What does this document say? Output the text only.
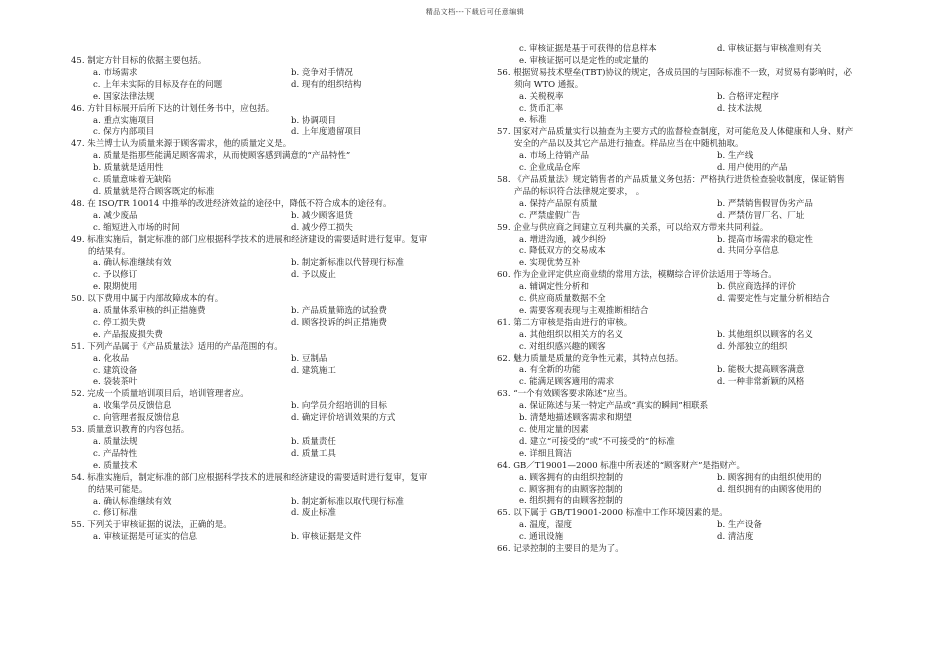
精品文档---下载后可任意编辑
45. 制定方针目标的依据主要包括。
a. 市场需求	b. 竞争对手情况
c. 上年未实际的目标及存在的问题	d. 现有的组织结构
e. 国家法律法规
46. 方针目标展开后所下达的计划任务书中，应包括。
a. 重点实施项目	b. 协调项目
c. 保方内部项目	d. 上年度遗留项目
47. 朱兰博士认为质量来源于顾客需求，他的质量定义是。
a. 质量是指那些能满足顾客需求，从而使顾客感到满意的“产品特性”
b. 质量就是适用性
c. 质量意味着无缺陷
d. 质量就是符合顾客既定的标准
48. 在 ISO/TR 10014 中推举的改进经济效益的途径中，降低不符合成本的途径有。
a. 减少废品	b. 减少顾客退货
c. 缩短进入市场的时间	d. 减少停工损失
49. 标准实施后，制定标准的部门应根据科学技术的进展和经济建设的需要适时进行复审。复审
的结果有。
a. 确认标准继续有效	b. 制定新标准以代替现行标准
c. 予以修订	d. 予以废止
e. 限期使用
50. 以下费用中属于内部故障成本的有。
a. 质量体系审核的纠正措施费	b. 产品质量筛选的试验费
c. 停工损失费	d. 顾客投诉的纠正措施费
e. 产品报废损失费
51. 下列产品属于《产品质量法》适用的产品范围的有。
a. 化妆品	b. 豆制品
c. 建筑设备	d. 建筑施工
e. 袋装茶叶
52. 完成一个质量培训项目后，培训管理者应。
a. 收集学员反馈信息	b. 向学员介绍培训的目标
c. 向管理者报反馈信息	d. 确定评价培训效果的方式
53. 质量意识教育的内容包括。
a. 质量法规	b. 质量责任
c. 产品特性	d. 质量工具
e. 质量技术
54. 标准实施后，制定标准的部门应根据科学技术的进展和经济建设的需要适时进行复审，复审
的结果可能是。
a. 确认标准继续有效	b. 制定新标准以取代现行标准
c. 修订标准	d. 废止标准
55. 下列关于审核证据的说法，正确的是。
a. 审核证据是可证实的信息	b. 审核证据是文件
c. 审核证据是基于可获得的信息样本	d. 审核证据与审核准则有关
e. 审核证据可以是定性的或定量的
56. 根据贸易技术壁垒(TBT)协议的规定，各成员国的与国际标准不一致，对贸易有影响时，必
须向 WTO 通报。
a. 关税税率	b. 合格评定程序
c. 货币汇率	d. 技术法规
e. 标准
57. 国家对产品质量实行以抽查为主要方式的监督检查制度，对可能危及人体健康和人身、财产
安全的产品以及其它产品进行抽查。样品应当在中随机抽取。
a. 市场上待销产品	b. 生产线
c. 企业成品仓库	d. 用户使用的产品
58. 《产品质量法》规定销售者的产品质量义务包括：严格执行进货检查验收制度，保证销售
产品的标识符合法律规定要求， 。
a. 保持产品原有质量	b. 严禁销售假冒伪劣产品
c. 严禁虚假广告	d. 严禁仿冒厂名、厂址
59. 企业与供应商之间建立互利共赢的关系，可以给双方带来共同利益。
a. 增进沟通，减少纠纷	b. 提高市场需求的稳定性
c. 降低双方的交易成本	d. 共同分享信息
e. 实现优势互补
60. 作为企业评定供应商业绩的常用方法，模糊综合评价法适用于等场合。
a. 辅调定性分析和	b. 供应商选择的评价
c. 供应商质量数据不全	d. 需要定性与定量分析相结合
e. 需要客观表现与主观推断相结合
61. 第二方审核是指由进行的审核。
a. 其他组织以相关方的名义	b. 其他组织以顾客的名义
c. 对组织感兴趣的顾客	d. 外部独立的组织
62. 魅力质量是质量的竞争性元素，其特点包括。
a. 有全新的功能	b. 能极大提高顾客满意
c. 能满足顾客適用的需求	d. 一种非常新颖的风格
63. “一个有效顾客要求陈述”应当。
a. 保证陈述与某一特定产品或“真实的瞬间”相联系
b. 清楚地描述顾客需求和期望
c. 使用定量的因素
d. 建立“可接受的”或“不可接受的”的标准
e. 详细且简洁
64. GB／T19001—2000 标准中所表述的“顾客财产”是指财产。
a. 顾客拥有的由组织控制的	b. 顾客拥有的由组织使用的
c. 顾客拥有的由顾客控制的	d. 组织拥有的由顾客使用的
e. 组织拥有的由顾客控制的
65. 以下属于 GB/T19001-2000 标准中工作环境因素的是。
a. 温度，湿度	b. 生产设备
c. 通讯设施	d. 清洁度
66. 记录控制的主要目的是为了。
